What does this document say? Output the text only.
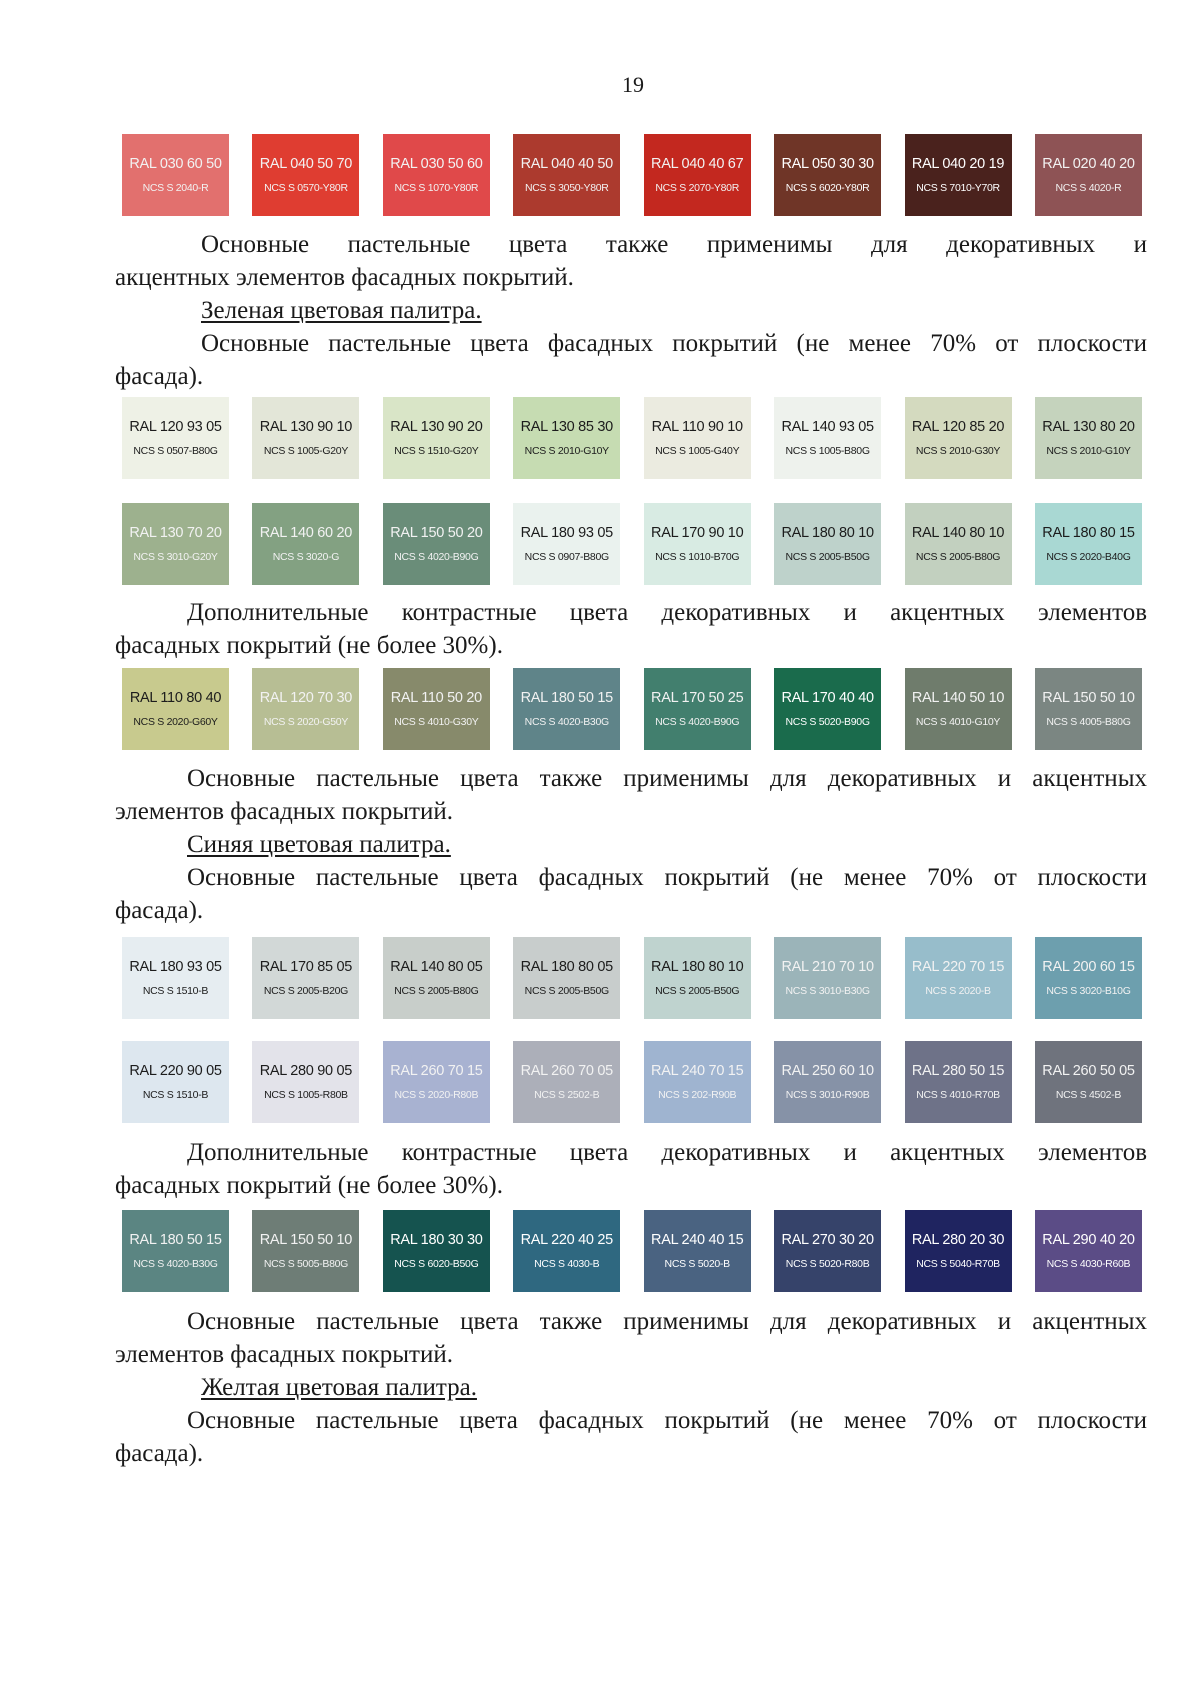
19
RAL 030 60 50
NCS S 2040-R
RAL 040 50 70
NCS S 0570-Y80R
RAL 030 50 60
NCS S 1070-Y80R
RAL 040 40 50
NCS S 3050-Y80R
RAL 040 40 67
NCS S 2070-Y80R
RAL 050 30 30
NCS S 6020-Y80R
RAL 040 20 19
NCS S 7010-Y70R
RAL 020 40 20
NCS S 4020-R
Основные пастельные цвета также применимы для декоративных и
акцентных элементов фасадных покрытий.
Зеленая цветовая палитра.
Основные пастельные цвета фасадных покрытий (не менее 70% от плоскости
фасада).
RAL 120 93 05
NCS S 0507-B80G
RAL 130 90 10
NCS S 1005-G20Y
RAL 130 90 20
NCS S 1510-G20Y
RAL 130 85 30
NCS S 2010-G10Y
RAL 110 90 10
NCS S 1005-G40Y
RAL 140 93 05
NCS S 1005-B80G
RAL 120 85 20
NCS S 2010-G30Y
RAL 130 80 20
NCS S 2010-G10Y
RAL 130 70 20
NCS S 3010-G20Y
RAL 140 60 20
NCS S 3020-G
RAL 150 50 20
NCS S 4020-B90G
RAL 180 93 05
NCS S 0907-B80G
RAL 170 90 10
NCS S 1010-B70G
RAL 180 80 10
NCS S 2005-B50G
RAL 140 80 10
NCS S 2005-B80G
RAL 180 80 15
NCS S 2020-B40G
Дополнительные контрастные цвета декоративных и акцентных элементов
фасадных покрытий (не более 30%).
RAL 110 80 40
NCS S 2020-G60Y
RAL 120 70 30
NCS S 2020-G50Y
RAL 110 50 20
NCS S 4010-G30Y
RAL 180 50 15
NCS S 4020-B30G
RAL 170 50 25
NCS S 4020-B90G
RAL 170 40 40
NCS S 5020-B90G
RAL 140 50 10
NCS S 4010-G10Y
RAL 150 50 10
NCS S 4005-B80G
Основные пастельные цвета также применимы для декоративных и акцентных
элементов фасадных покрытий.
Синяя цветовая палитра.
Основные пастельные цвета фасадных покрытий (не менее 70% от плоскости
фасада).
RAL 180 93 05
NCS S 1510-B
RAL 170 85 05
NCS S 2005-B20G
RAL 140 80 05
NCS S 2005-B80G
RAL 180 80 05
NCS S 2005-B50G
RAL 180 80 10
NCS S 2005-B50G
RAL 210 70 10
NCS S 3010-B30G
RAL 220 70 15
NCS S 2020-B
RAL 200 60 15
NCS S 3020-B10G
RAL 220 90 05
NCS S 1510-B
RAL 280 90 05
NCS S 1005-R80B
RAL 260 70 15
NCS S 2020-R80B
RAL 260 70 05
NCS S 2502-B
RAL 240 70 15
NCS S 202-R90B
RAL 250 60 10
NCS S 3010-R90B
RAL 280 50 15
NCS S 4010-R70B
RAL 260 50 05
NCS S 4502-B
Дополнительные контрастные цвета декоративных и акцентных элементов
фасадных покрытий (не более 30%).
RAL 180 50 15
NCS S 4020-B30G
RAL 150 50 10
NCS S 5005-B80G
RAL 180 30 30
NCS S 6020-B50G
RAL 220 40 25
NCS S 4030-B
RAL 240 40 15
NCS S 5020-B
RAL 270 30 20
NCS S 5020-R80B
RAL 280 20 30
NCS S 5040-R70B
RAL 290 40 20
NCS S 4030-R60B
Основные пастельные цвета также применимы для декоративных и акцентных
элементов фасадных покрытий.
Желтая цветовая палитра.
Основные пастельные цвета фасадных покрытий (не менее 70% от плоскости
фасада).
